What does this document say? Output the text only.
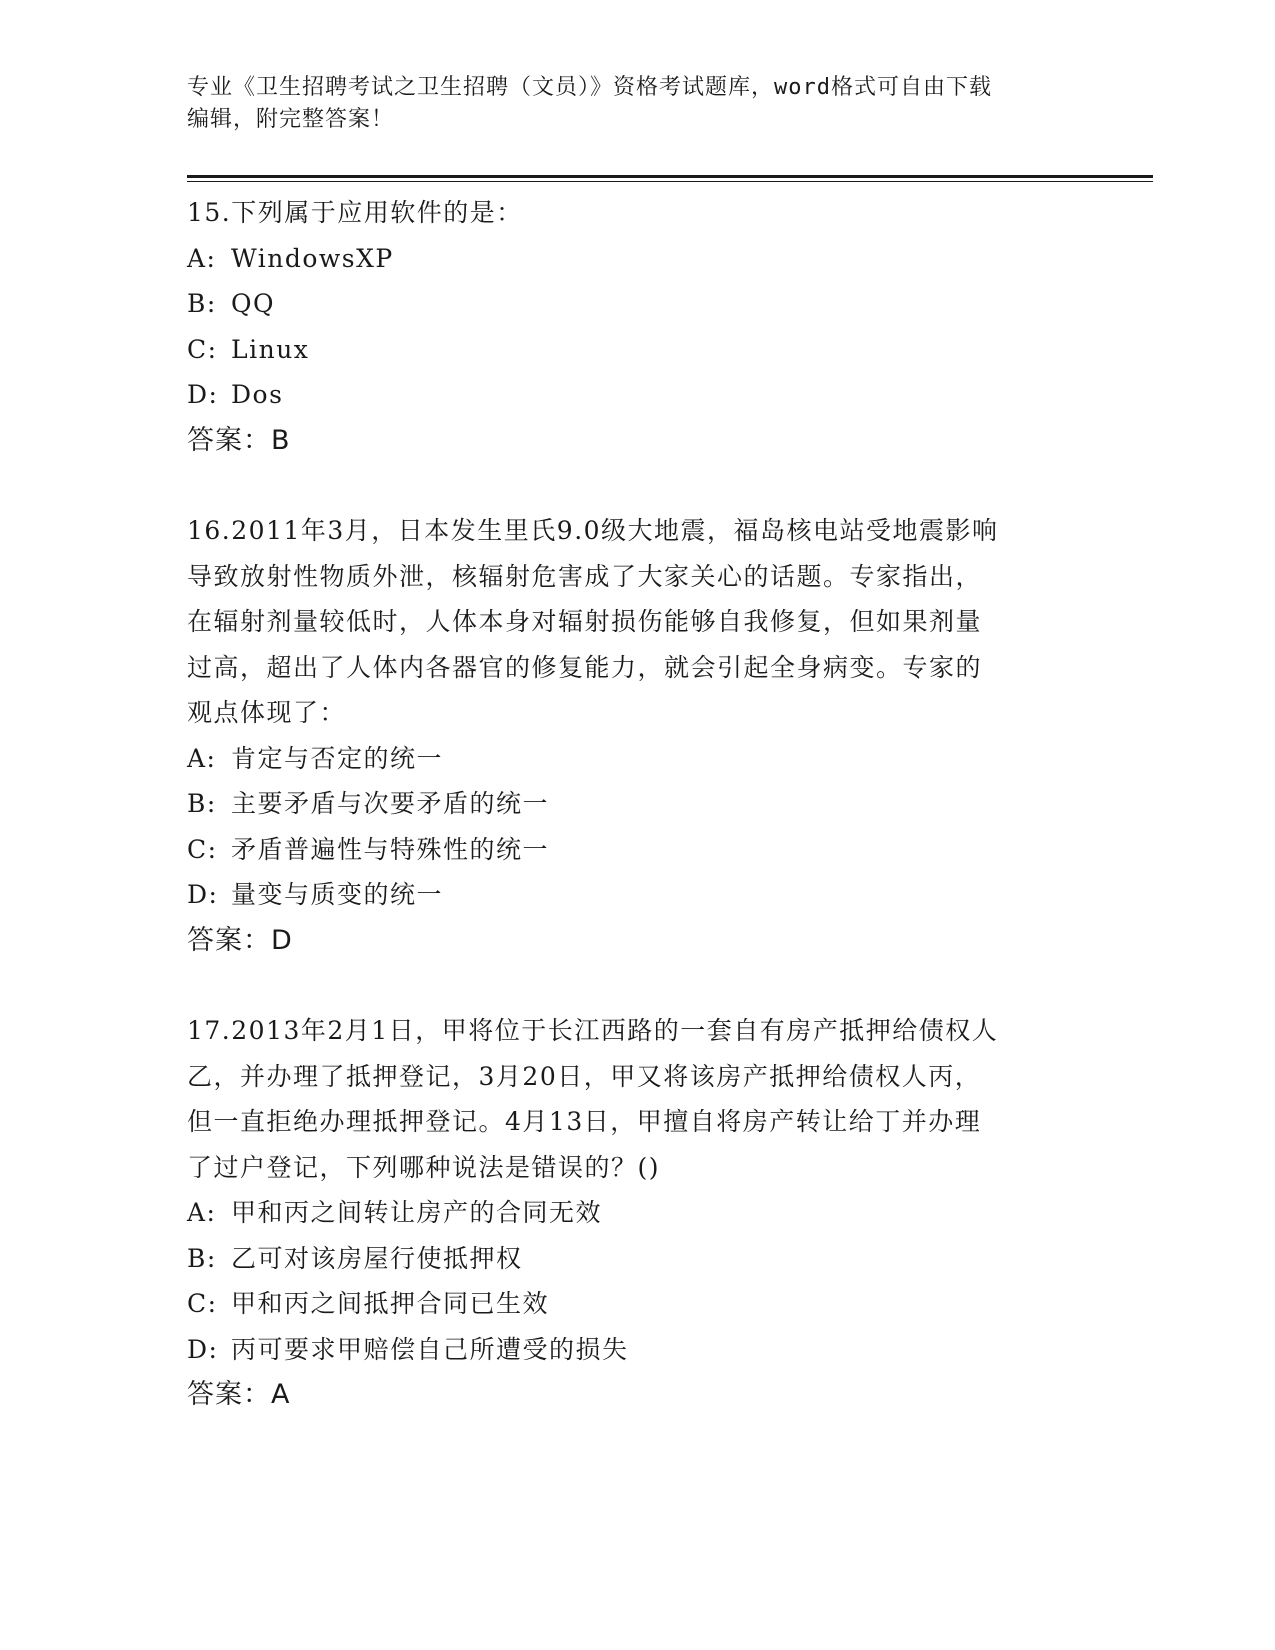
专业《卫生招聘考试之卫生招聘（文员）》资格考试题库，word格式可自由下载
编辑，附完整答案！
15.下列属于应用软件的是：
A: WindowsXP
B: QQ
C: Linux
D: Dos
答案：B
16.2011年3月，日本发生里氏9.0级大地震，福岛核电站受地震影响
导致放射性物质外泄，核辐射危害成了大家关心的话题。专家指出，
在辐射剂量较低时，人体本身对辐射损伤能够自我修复，但如果剂量
过高，超出了人体内各器官的修复能力，就会引起全身病变。专家的
观点体现了：
A: 肯定与否定的统一
B: 主要矛盾与次要矛盾的统一
C: 矛盾普遍性与特殊性的统一
D: 量变与质变的统一
答案：D
17.2013年2月1日，甲将位于长江西路的一套自有房产抵押给债权人
乙，并办理了抵押登记，3月20日，甲又将该房产抵押给债权人丙，
但一直拒绝办理抵押登记。4月13日，甲擅自将房产转让给丁并办理
了过户登记，下列哪种说法是错误的？()
A: 甲和丙之间转让房产的合同无效
B: 乙可对该房屋行使抵押权
C: 甲和丙之间抵押合同已生效
D: 丙可要求甲赔偿自己所遭受的损失
答案：A
